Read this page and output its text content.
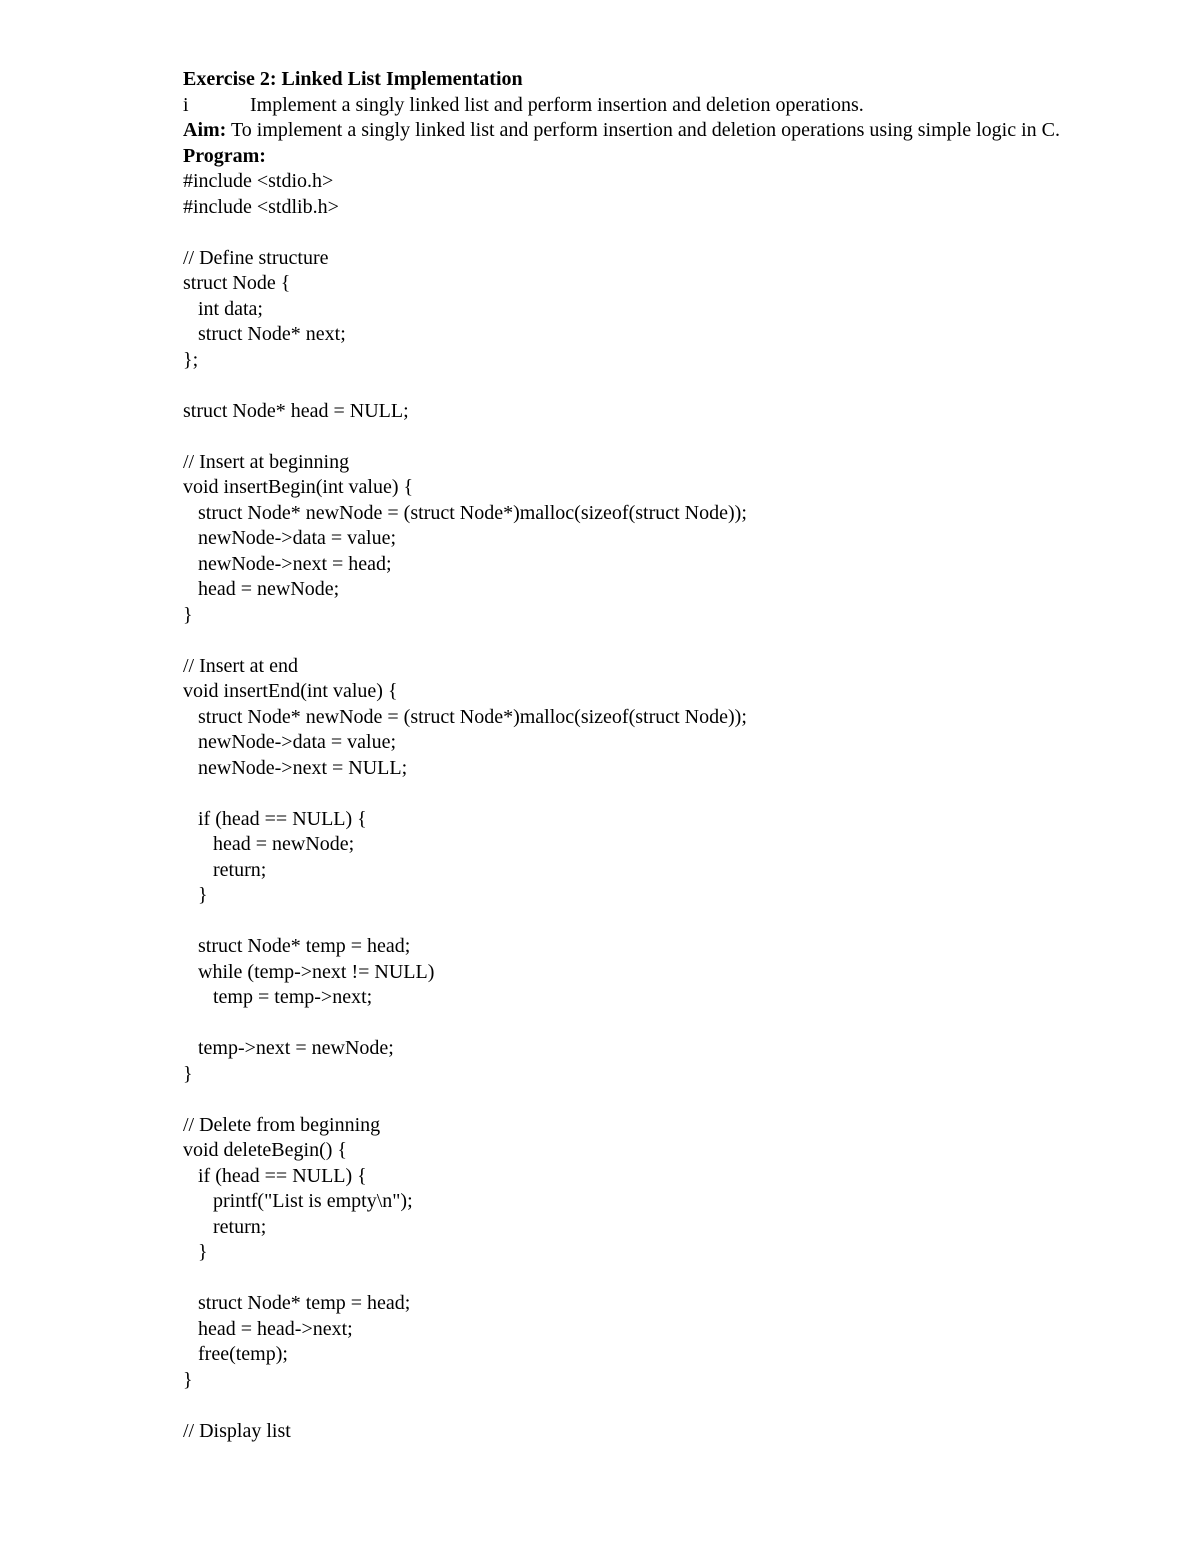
Exercise 2: Linked List Implementation
i	Implement a singly linked list and perform insertion and deletion operations.
Aim: To implement a singly linked list and perform insertion and deletion operations using simple logic in C.
Program:
#include <stdio.h>
#include <stdlib.h>

// Define structure
struct Node {
int data;
struct Node* next;
};

struct Node* head = NULL;

// Insert at beginning
void insertBegin(int value) {
struct Node* newNode = (struct Node*)malloc(sizeof(struct Node));
newNode->data = value;
newNode->next = head;
head = newNode;
}

// Insert at end
void insertEnd(int value) {
struct Node* newNode = (struct Node*)malloc(sizeof(struct Node));
newNode->data = value;
newNode->next = NULL;

if (head == NULL) {
head = newNode;
return;
}

struct Node* temp = head;
while (temp->next != NULL)
temp = temp->next;

temp->next = newNode;
}

// Delete from beginning
void deleteBegin() {
if (head == NULL) {
printf("List is empty\n");
return;
}

struct Node* temp = head;
head = head->next;
free(temp);
}

// Display list
